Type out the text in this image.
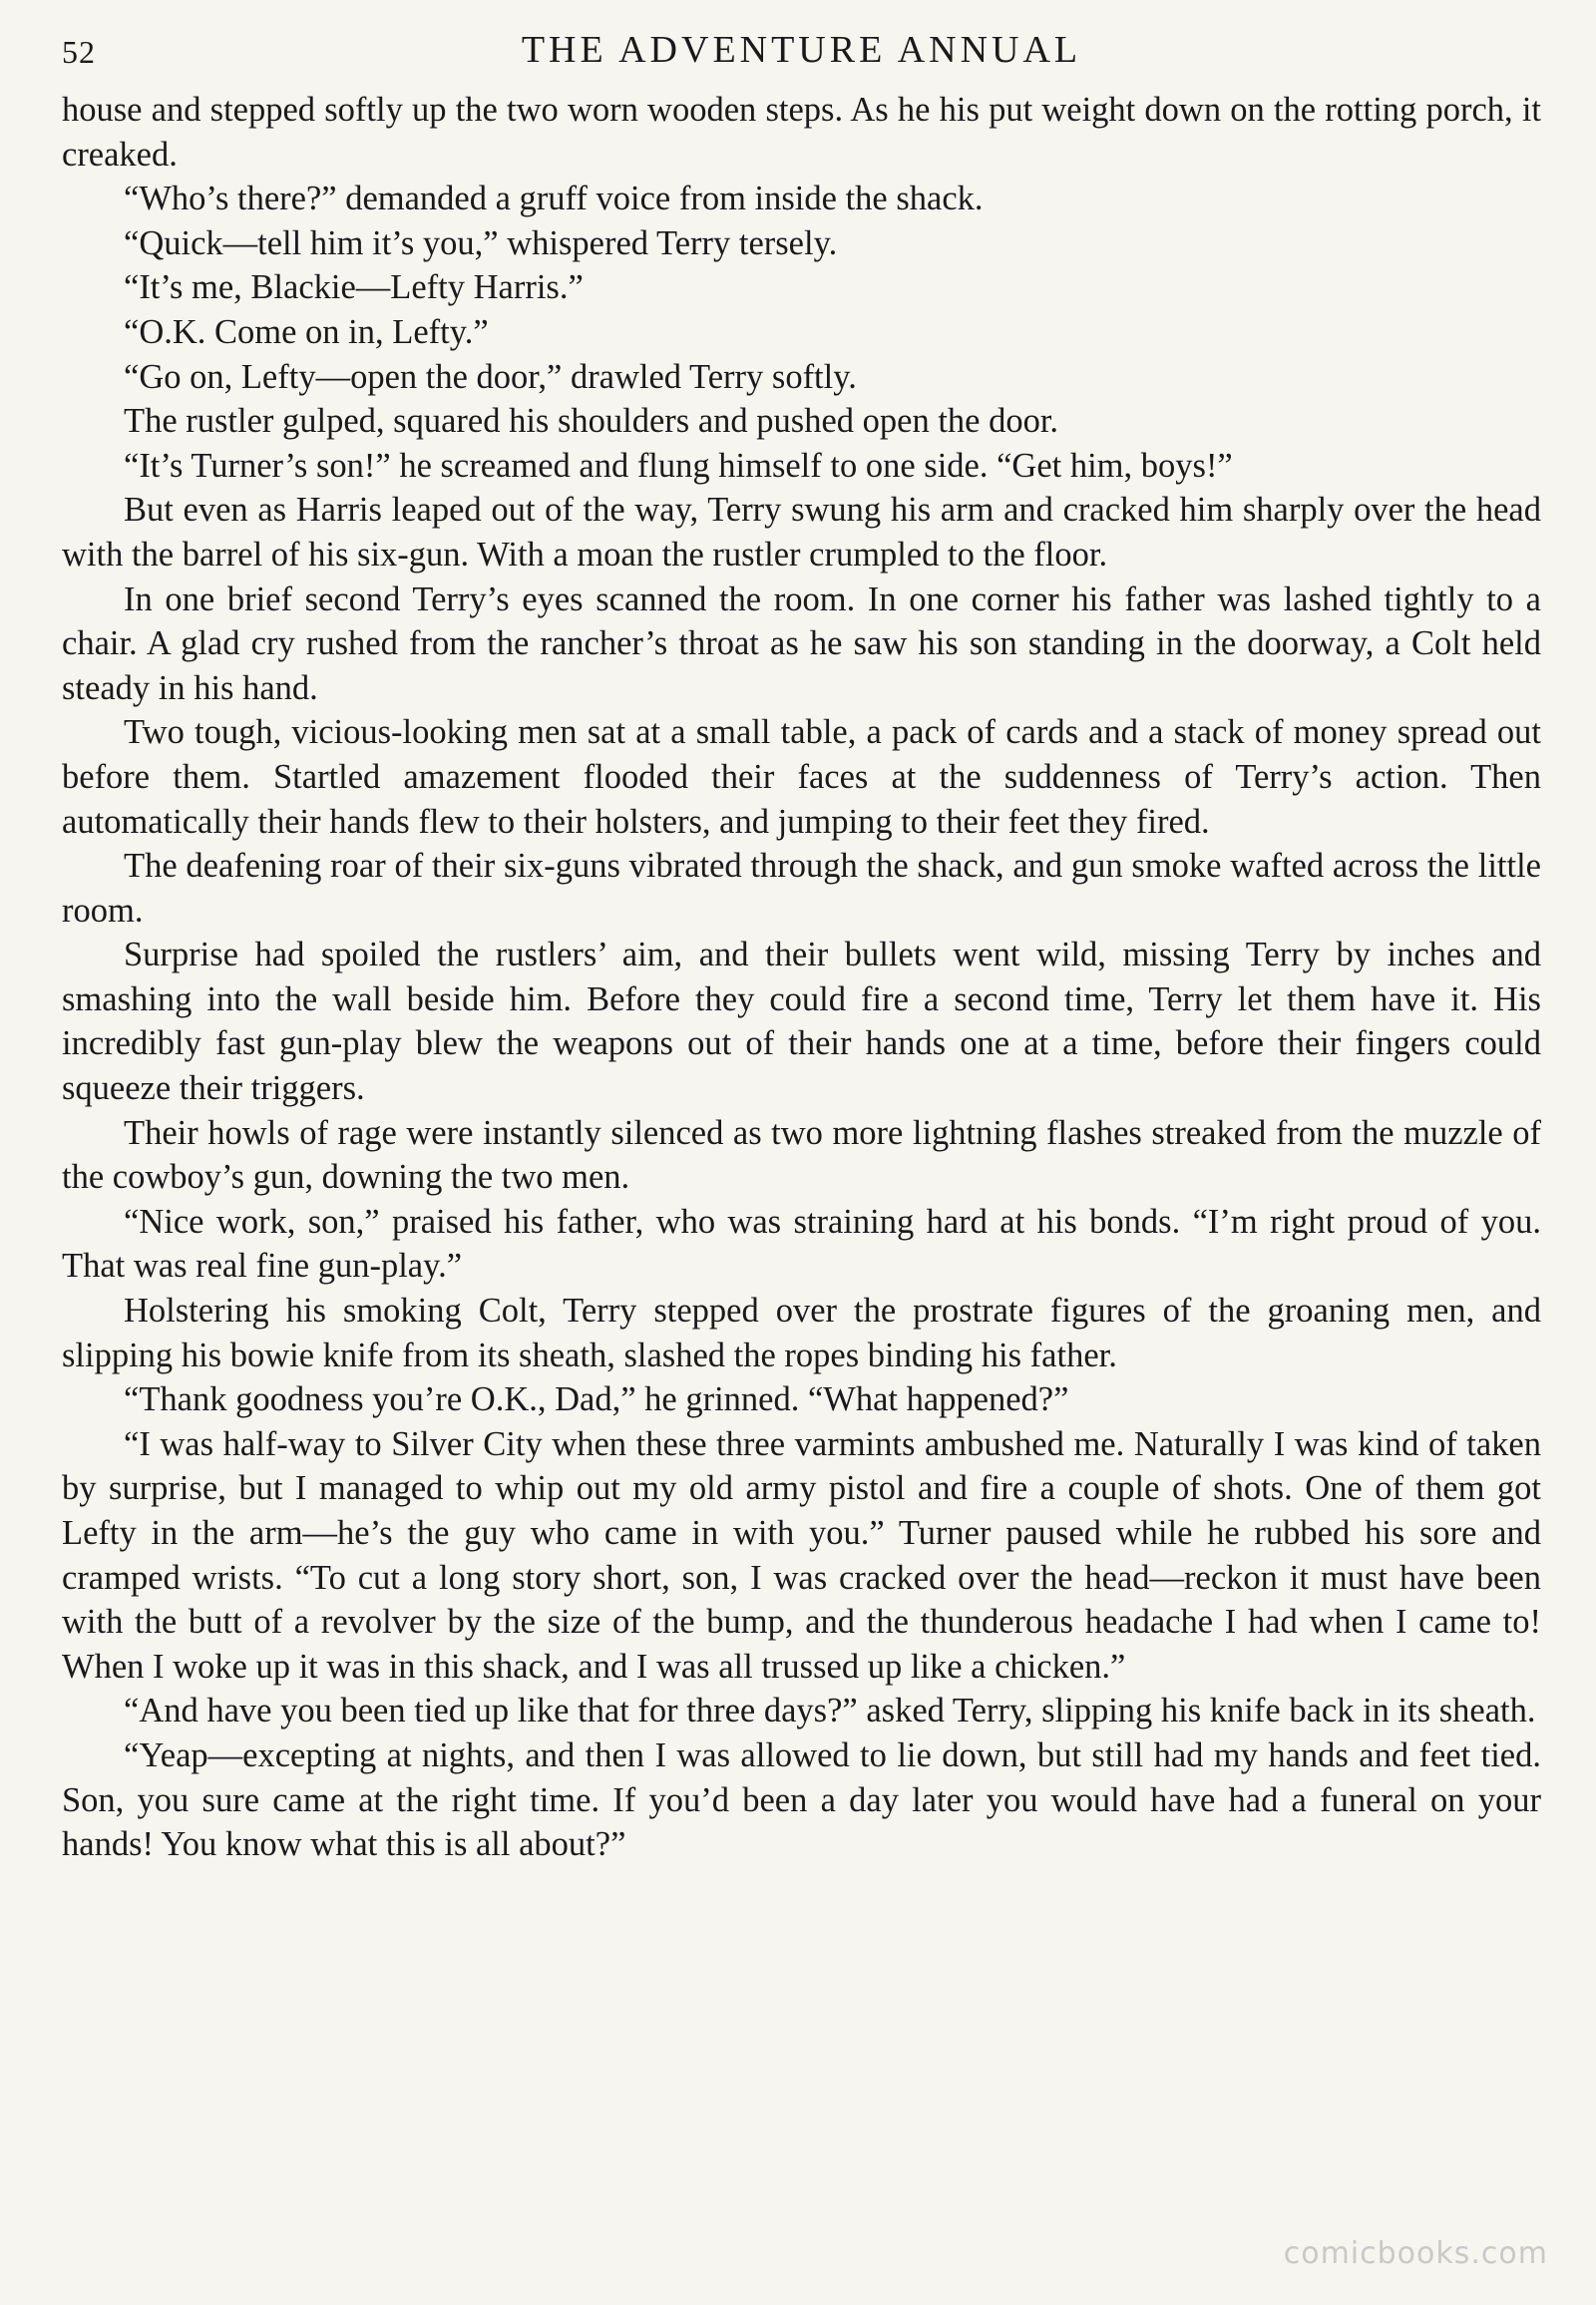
52	THE ADVENTURE ANNUAL

house and stepped softly up the two worn wooden steps. As he his put weight down on the rotting porch, it creaked.

“Who’s there?” demanded a gruff voice from inside the shack.

“Quick—tell him it’s you,” whispered Terry tersely.

“It’s me, Blackie—Lefty Harris.”

“O.K. Come on in, Lefty.”

“Go on, Lefty—open the door,” drawled Terry softly.

The rustler gulped, squared his shoulders and pushed open the door.

“It’s Turner’s son!” he screamed and flung himself to one side. “Get him, boys!”

But even as Harris leaped out of the way, Terry swung his arm and cracked him sharply over the head with the barrel of his six-gun. With a moan the rustler crumpled to the floor.

In one brief second Terry’s eyes scanned the room. In one corner his father was lashed tightly to a chair. A glad cry rushed from the rancher’s throat as he saw his son standing in the doorway, a Colt held steady in his hand.

Two tough, vicious-looking men sat at a small table, a pack of cards and a stack of money spread out before them. Startled amazement flooded their faces at the suddenness of Terry’s action. Then automatically their hands flew to their holsters, and jumping to their feet they fired.

The deafening roar of their six-guns vibrated through the shack, and gun smoke wafted across the little room.

Surprise had spoiled the rustlers’ aim, and their bullets went wild, missing Terry by inches and smashing into the wall beside him. Before they could fire a second time, Terry let them have it. His incredibly fast gun-play blew the weapons out of their hands one at a time, before their fingers could squeeze their triggers.

Their howls of rage were instantly silenced as two more lightning flashes streaked from the muzzle of the cowboy’s gun, downing the two men.

“Nice work, son,” praised his father, who was straining hard at his bonds. “I’m right proud of you. That was real fine gun-play.”

Holstering his smoking Colt, Terry stepped over the prostrate figures of the groaning men, and slipping his bowie knife from its sheath, slashed the ropes binding his father.

“Thank goodness you’re O.K., Dad,” he grinned. “What happened?”

“I was half-way to Silver City when these three varmints ambushed me. Naturally I was kind of taken by surprise, but I managed to whip out my old army pistol and fire a couple of shots. One of them got Lefty in the arm—he’s the guy who came in with you.” Turner paused while he rubbed his sore and cramped wrists. “To cut a long story short, son, I was cracked over the head—reckon it must have been with the butt of a revolver by the size of the bump, and the thunderous headache I had when I came to! When I woke up it was in this shack, and I was all trussed up like a chicken.”

“And have you been tied up like that for three days?” asked Terry, slipping his knife back in its sheath.

“Yeap—excepting at nights, and then I was allowed to lie down, but still had my hands and feet tied. Son, you sure came at the right time. If you’d been a day later you would have had a funeral on your hands! You know what this is all about?”

comicbooks.com
